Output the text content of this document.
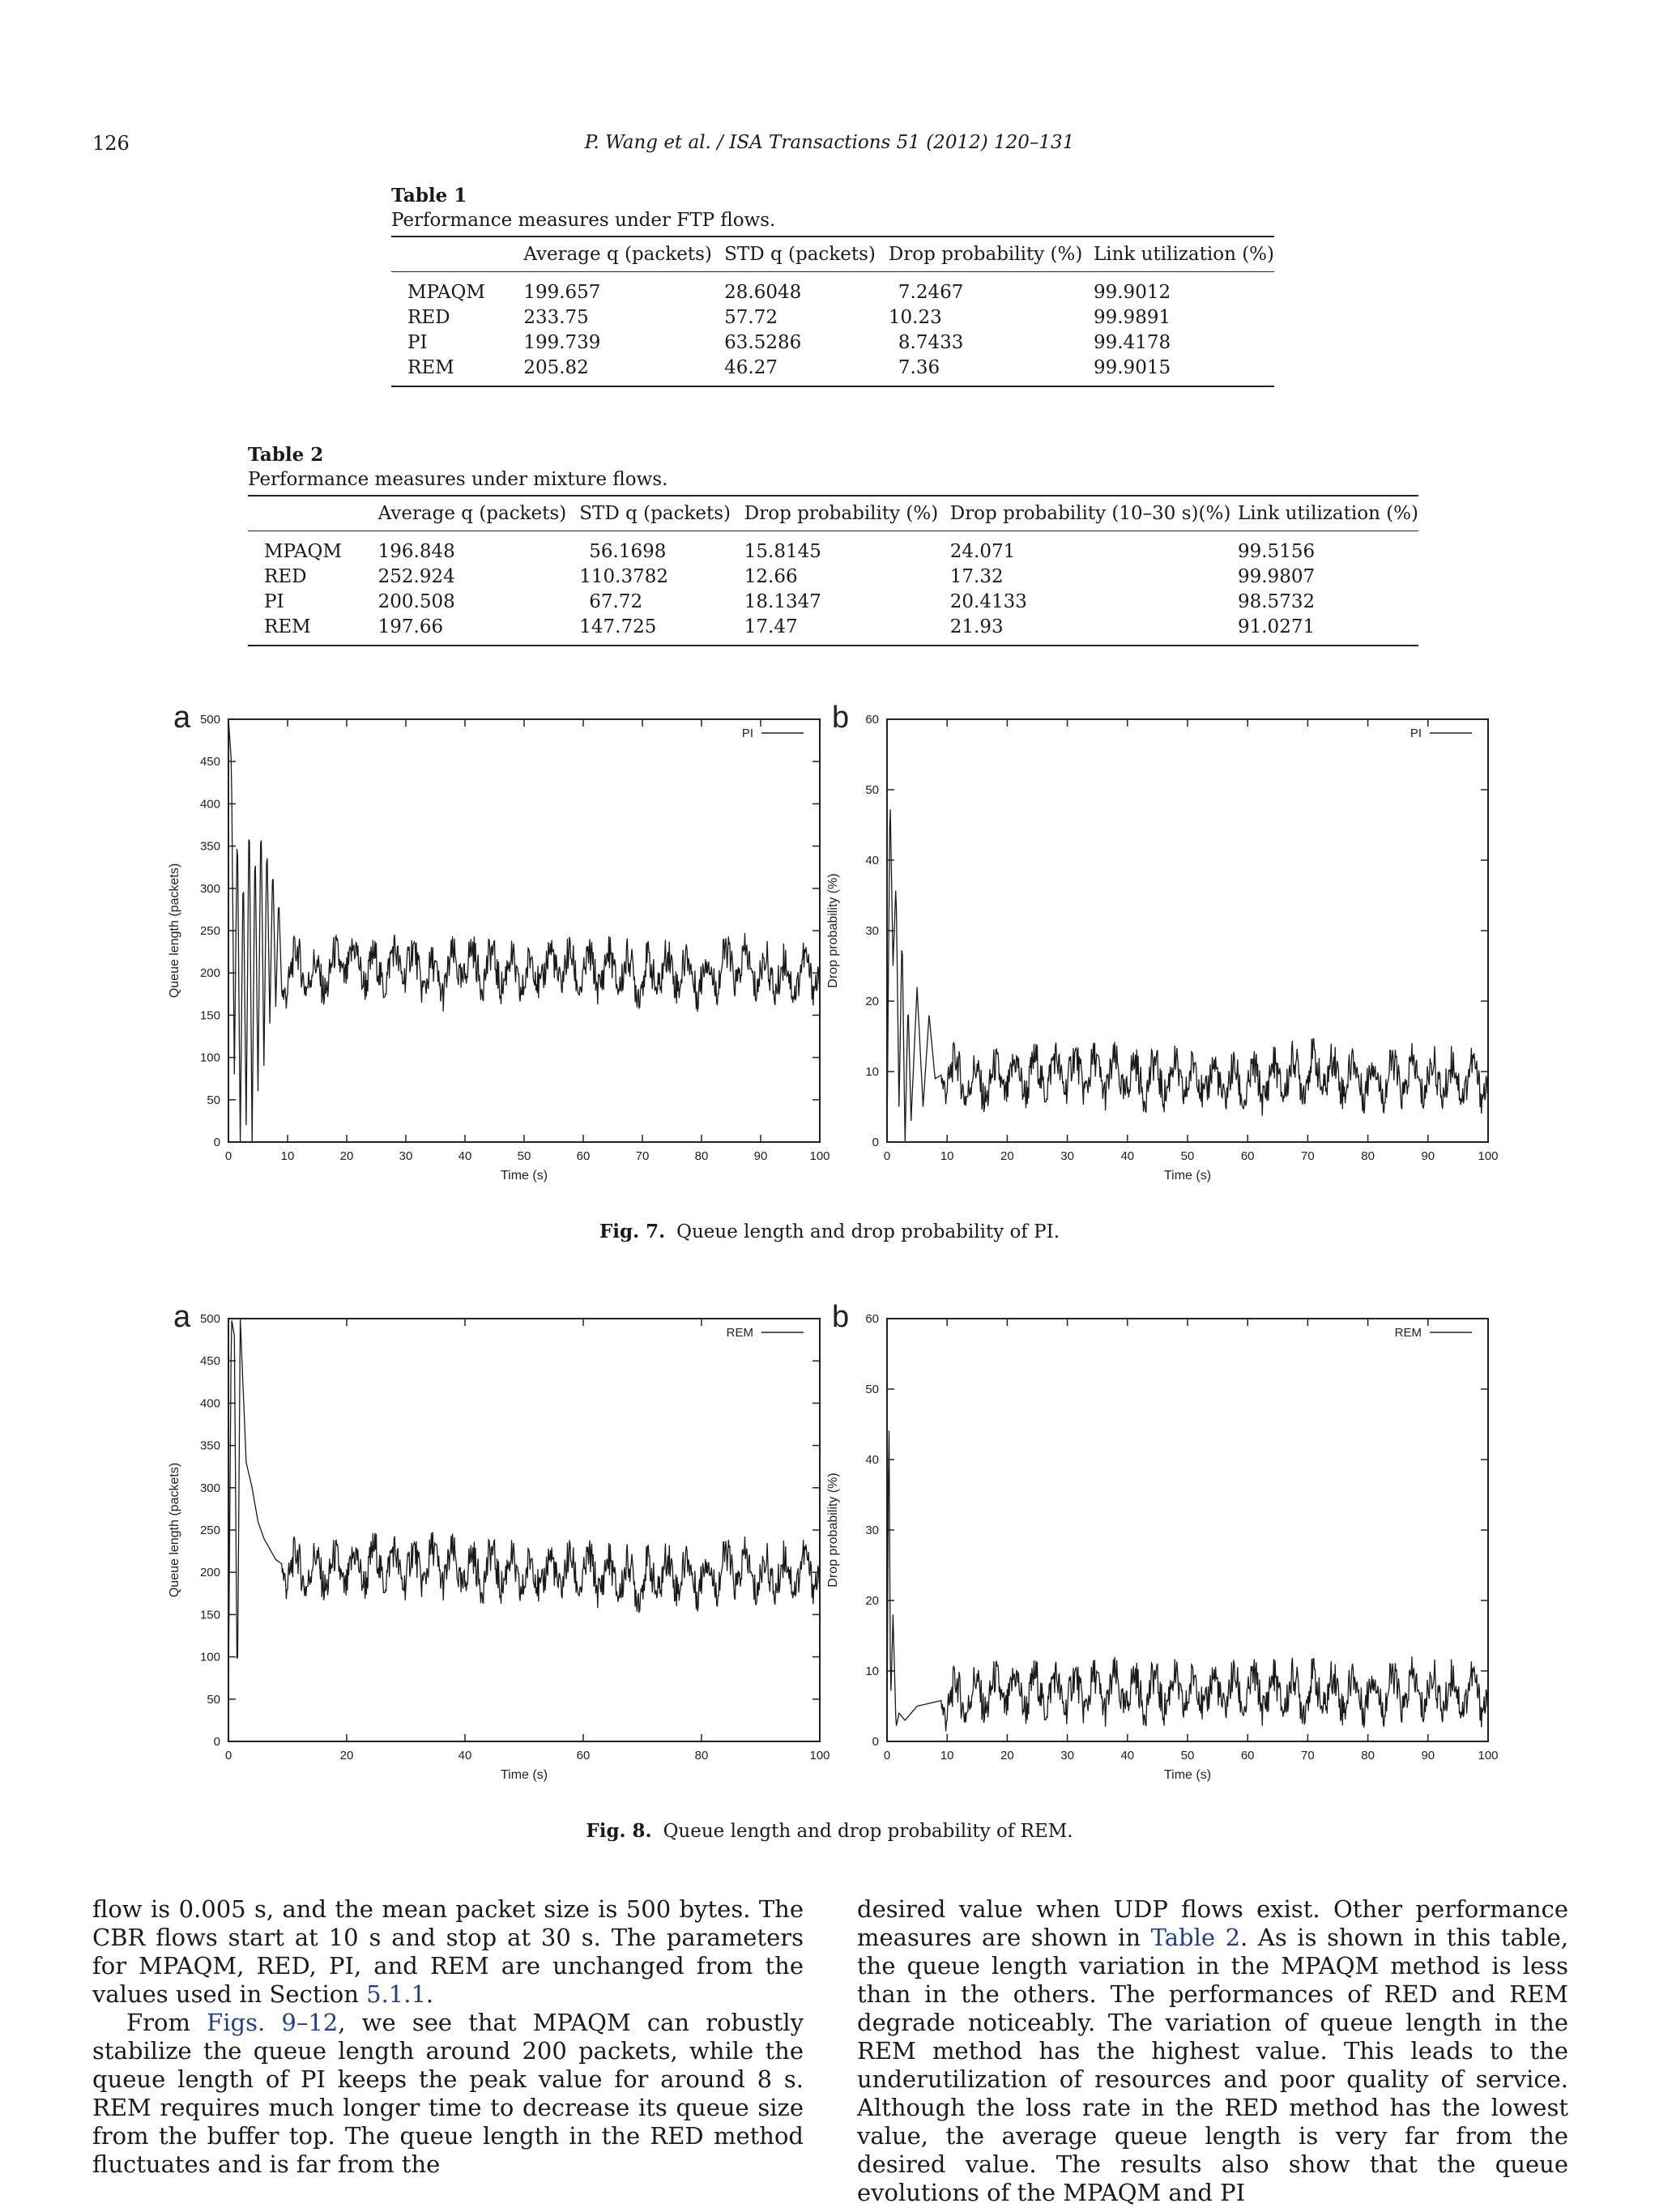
126	P. Wang et al. / ISA Transactions 51 (2012) 120–131
Table 1
Performance measures under FTP flows.
	Average q (packets)	STD q (packets)	Drop probability (%)	Link utilization (%)
MPAQM	199.657	28.6048	7.2467	99.9012
RED	233.75	57.72	10.23	99.9891
PI	199.739	63.5286	8.7433	99.4178
REM	205.82	46.27	7.36	99.9015
Table 2
Performance measures under mixture flows.
	Average q (packets)	STD q (packets)	Drop probability (%)	Drop probability (10–30 s)(%)	Link utilization (%)
MPAQM	196.848	56.1698	15.8145	24.071	99.5156
RED	252.924	110.3782	12.66	17.32	99.9807
PI	200.508	67.72	18.1347	20.4133	98.5732
REM	197.66	147.725	17.47	21.93	91.0271
0	10	20	30	40	50	60	70	80	90	100
0
50
100
150
200
250
300
350
400
450
500
Time (s)
Queue length (packets)
a	PI
0	10	20	30	40	50	60	70	80	90	100
0
10
20
30
40
50
60
Time (s)
Drop probability (%)
b	PI
Fig. 7. Queue length and drop probability of PI.
0	20	40	60	80	100
0
50
100
150
200
250
300
350
400
450
500
Time (s)
Queue length (packets)
a	REM
0	10	20	30	40	50	60	70	80	90	100
0
10
20
30
40
50
60
Time (s)
Drop probability (%)
b	REM
Fig. 8. Queue length and drop probability of REM.

flow is 0.005 s, and the mean packet size is 500 bytes. The CBR flows start at 10 s and stop at 30 s. The parameters for MPAQM, RED, PI, and REM are unchanged from the values used in Section 5.1.1.

From Figs. 9–12, we see that MPAQM can robustly stabilize the queue length around 200 packets, while the queue length of PI keeps the peak value for around 8 s. REM requires much longer time to decrease its queue size from the buffer top. The queue length in the RED method fluctuates and is far from the

desired value when UDP flows exist. Other performance measures are shown in Table 2. As is shown in this table, the queue length variation in the MPAQM method is less than in the others. The performances of RED and REM degrade noticeably. The variation of queue length in the REM method has the highest value. This leads to the underutilization of resources and poor quality of service. Although the loss rate in the RED method has the lowest value, the average queue length is very far from the desired value. The results also show that the queue evolutions of the MPAQM and PI
